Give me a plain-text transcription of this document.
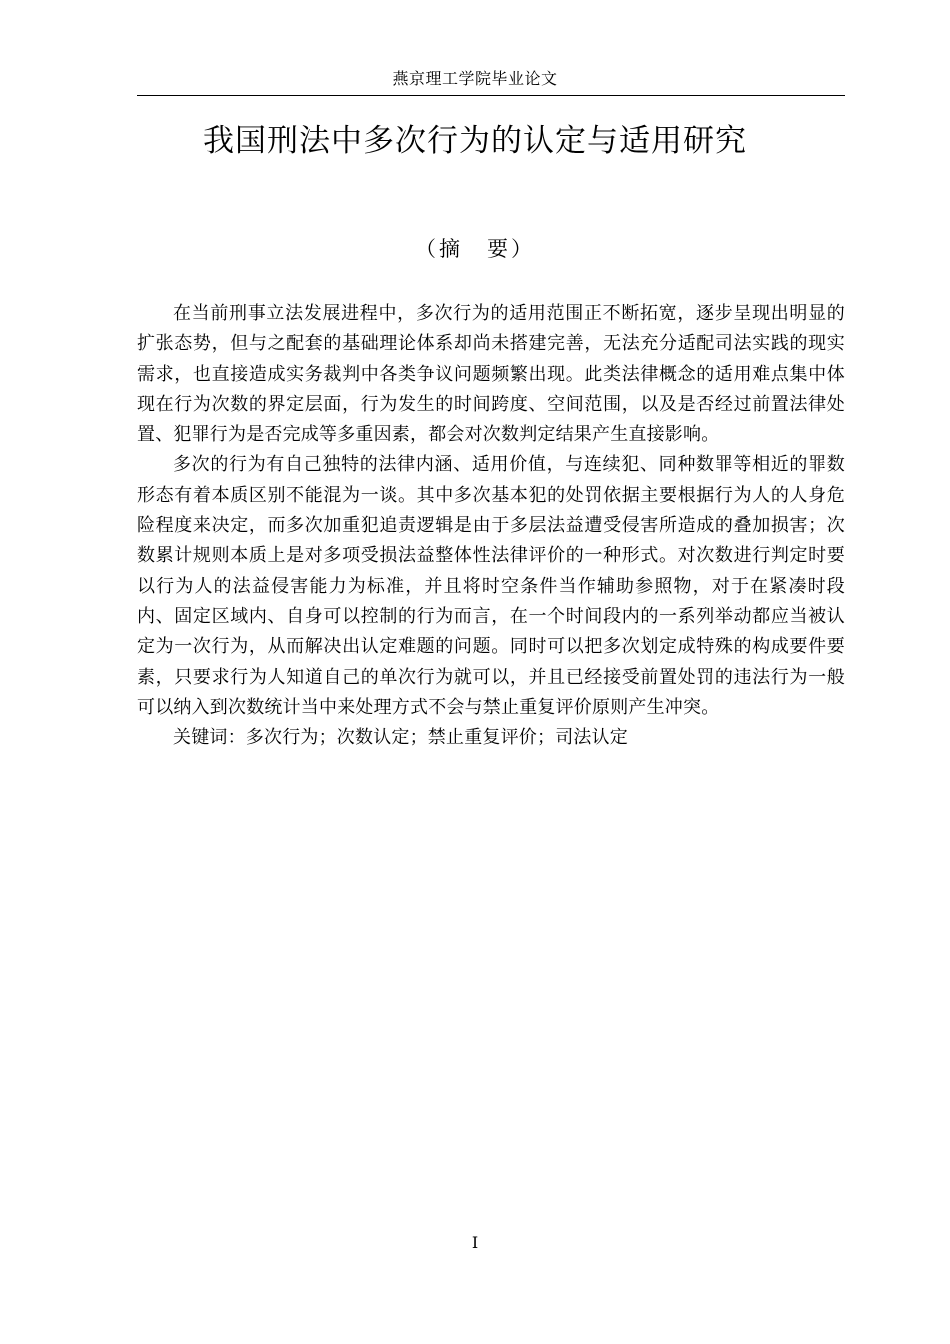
燕京理工学院毕业论文
我国刑法中多次行为的认定与适用研究
（摘　要）

在当前刑事立法发展进程中，多次行为的适用范围正不断拓宽，逐步呈现出明显的扩张态势，但与之配套的基础理论体系却尚未搭建完善，无法充分适配司法实践的现实需求，也直接造成实务裁判中各类争议问题频繁出现。此类法律概念的适用难点集中体现在行为次数的界定层面，行为发生的时间跨度、空间范围，以及是否经过前置法律处置、犯罪行为是否完成等多重因素，都会对次数判定结果产生直接影响。

多次的行为有自己独特的法律内涵、适用价值，与连续犯、同种数罪等相近的罪数形态有着本质区别不能混为一谈。其中多次基本犯的处罚依据主要根据行为人的人身危险程度来决定，而多次加重犯追责逻辑是由于多层法益遭受侵害所造成的叠加损害；次数累计规则本质上是对多项受损法益整体性法律评价的一种形式。对次数进行判定时要以行为人的法益侵害能力为标准，并且将时空条件当作辅助参照物，对于在紧凑时段内、固定区域内、自身可以控制的行为而言，在一个时间段内的一系列举动都应当被认定为一次行为，从而解决出认定难题的问题。同时可以把多次划定成特殊的构成要件要素，只要求行为人知道自己的单次行为就可以，并且已经接受前置处罚的违法行为一般可以纳入到次数统计当中来处理方式不会与禁止重复评价原则产生冲突。

关键词：多次行为；次数认定；禁止重复评价；司法认定

I
